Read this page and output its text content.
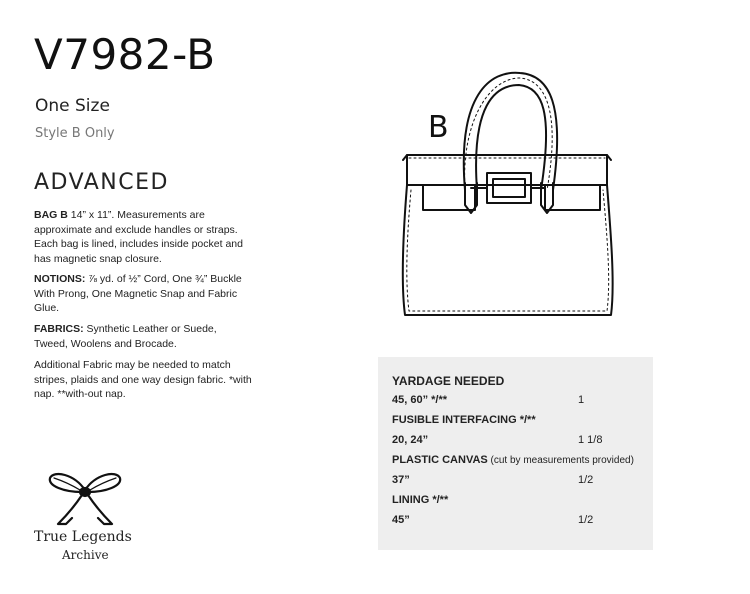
V7982-B
One Size
Style B Only
ADVANCED
BAG B 14” x 11”. Measurements are approximate and exclude handles or straps. Each bag is lined, includes inside pocket and has magnetic snap closure.
NOTIONS: ⅞ yd. of ½” Cord, One ¾” Buckle With Prong, One Magnetic Snap and Fabric Glue.
FABRICS: Synthetic Leather or Suede, Tweed, Woolens and Brocade.
Additional Fabric may be needed to match stripes, plaids and one way design fabric. *with nap. **with-out nap.
B
YARDAGE NEEDED
45, 60” */**	1
FUSIBLE INTERFACING */**
20, 24”	1 1/8
PLASTIC CANVAS (cut by measurements provided)
37”	1/2
LINING */**
45”	1/2
True Legends
Archive
